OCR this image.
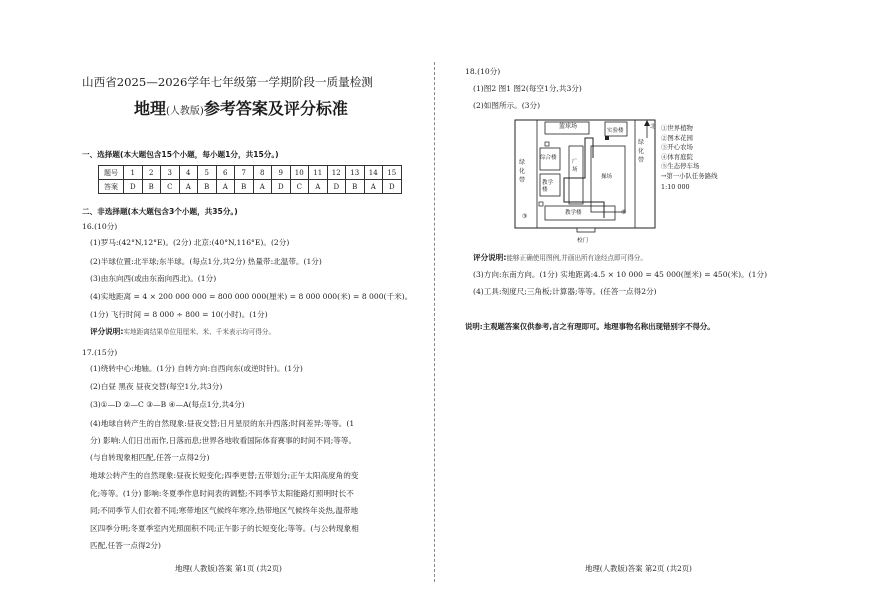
山西省2025—2026学年七年级第一学期阶段一质量检测
地理(人教版)参考答案及评分标准
一、选择题(本大题包含15个小题，每小题1分，共15分。)
题号	1	2	3	4	5	6	7	8	9	10	11	12	13	14	15
答案	D	B	C	A	B	A	B	A	D	C	A	D	B	A	D
二、非选择题(本大题包含3个小题，共35分。)
16.(10分)
(1)罗马:(42°N,12°E)。(2分) 北京:(40°N,116°E)。(2分)
(2)半球位置:北半球;东半球。(每点1分,共2分) 热量带:北温带。(1分)
(3)由东向西(或由东南向西北)。(1分)
(4)实地距离 = 4 × 200 000 000 = 800 000 000(厘米) = 8 000 000(米) = 8 000(千米)。
(1分) 飞行时间 = 8 000 ÷ 800 = 10(小时)。(1分)
评分说明:实地距离结果单位用厘米、米、千米表示均可得分。
17.(15分)
(1)绕转中心:地轴。(1分) 自转方向:自西向东(或逆时针)。(1分)
(2)白昼 黑夜 昼夜交替(每空1分,共3分)
(3)①—D ②—C ③—B ④—A(每点1分,共4分)
(4)地球自转产生的自然现象:昼夜交替;日月星辰的东升西落;时间差异;等等。(1
分) 影响:人们日出而作,日落而息;世界各地收看国际体育赛事的时间不同;等等。
(与自转现象相匹配,任答一点得2分)
地球公转产生的自然现象:昼夜长短变化;四季更替;五带划分;正午太阳高度角的变
化;等等。(1分) 影响:冬夏季作息时间表的调整;不同季节太阳能路灯照明时长不
同;不同季节人们衣着不同;寒带地区气候终年寒冷,热带地区气候终年炎热,温带地
区四季分明;冬夏季室内光照面积不同;正午影子的长短变化;等等。(与公转现象相
匹配,任答一点得2分)
地理(人教版)答案 第1页 (共2页)
18.(10分)
(1)图2 图1 图2(每空1分,共3分)
(2)如图所示。(3分)
篮球场
实验楼
绿化带
绿化带
综合楼
教学楼
广场
操场
教学楼
校门
北
③
⑤
①世界植物
②图本花园
③开心农场
④体育庭院
⑤生态停车场
→第一小队任务路线
1:10 000
评分说明:能够正确使用图例,并画出所有途经点即可得分。
(3)方向:东南方向。(1分) 实地距离:4.5 × 10 000 = 45 000(厘米) = 450(米)。(1分)
(4)工具:刻度尺;三角板;计算器;等等。(任答一点得2分)
说明:主观题答案仅供参考,言之有理即可。地理事物名称出现错别字不得分。
地理(人教版)答案 第2页 (共2页)
